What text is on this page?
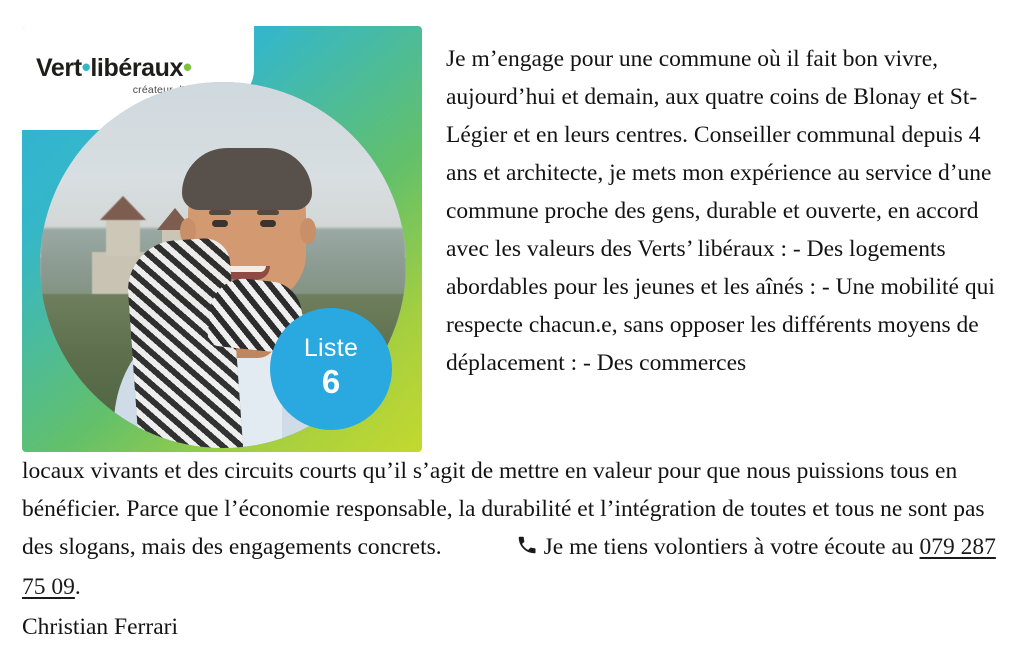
Vert•libéraux•
Liste
6
Je m’engage pour une commune où il fait bon vivre, aujourd’hui et demain, aux quatre coins de Blonay et St-Légier et en leurs centres. Conseiller communal depuis 4 ans et architecte, je mets mon expérience au service d’une commune proche des gens, durable et ouverte, en accord avec les valeurs des Verts’ libéraux : - Des logements abordables pour les jeunes et les aînés : - Une mobilité qui respecte chacun.e, sans opposer les différents moyens de déplacement : - Des commerces
locaux vivants et des circuits courts qu’il s’agit de mettre en valeur pour que nous puissions tous en bénéficier. Parce que l’économie responsable, la durabilité et l’intégration de toutes et tous ne sont pas des slogans, mais des engagements concrets.	Je me tiens volontiers à votre écoute au 079 287 75 09.
Christian Ferrari
